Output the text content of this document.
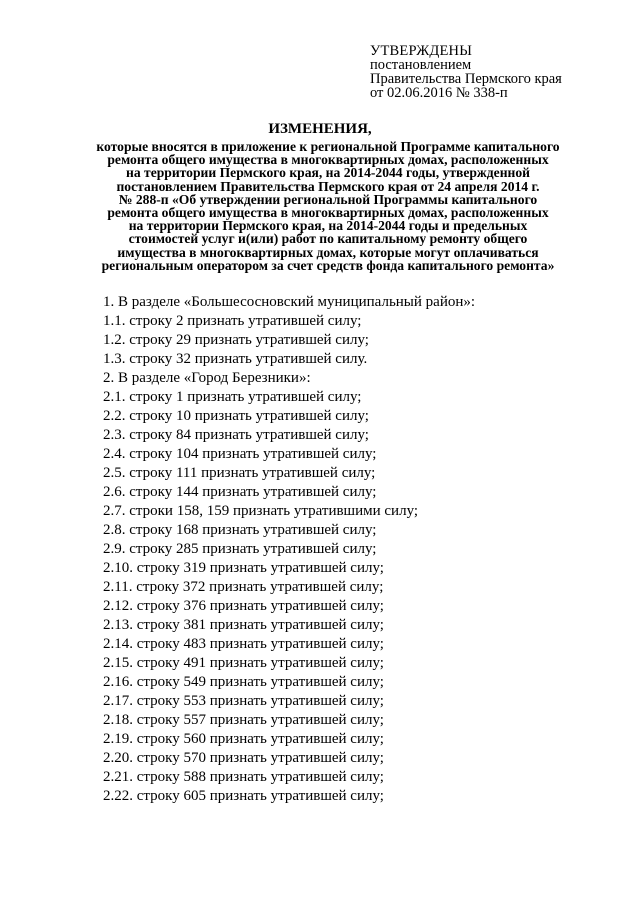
УТВЕРЖДЕНЫ
постановлением
Правительства Пермского края
от 02.06.2016 № 338-п
ИЗМЕНЕНИЯ,
которые вносятся в приложение к региональной Программе капитального
ремонта общего имущества в многоквартирных домах, расположенных
на территории Пермского края, на 2014-2044 годы, утвержденной
постановлением Правительства Пермского края от 24 апреля 2014 г.
№ 288-п «Об утверждении региональной Программы капитального
ремонта общего имущества в многоквартирных домах, расположенных
на территории Пермского края, на 2014-2044 годы и предельных
стоимостей услуг и(или) работ по капитальному ремонту общего
имущества в многоквартирных домах, которые могут оплачиваться
региональным оператором за счет средств фонда капитального ремонта»
1. В разделе «Большесосновский муниципальный район»:
1.1. строку 2 признать утратившей силу;
1.2. строку 29 признать утратившей силу;
1.3. строку 32 признать утратившей силу.
2. В разделе «Город Березники»:
2.1. строку 1 признать утратившей силу;
2.2. строку 10 признать утратившей силу;
2.3. строку 84 признать утратившей силу;
2.4. строку 104 признать утратившей силу;
2.5. строку 111 признать утратившей силу;
2.6. строку 144 признать утратившей силу;
2.7. строки 158, 159 признать утратившими силу;
2.8. строку 168 признать утратившей силу;
2.9. строку 285 признать утратившей силу;
2.10. строку 319 признать утратившей силу;
2.11. строку 372 признать утратившей силу;
2.12. строку 376 признать утратившей силу;
2.13. строку 381 признать утратившей силу;
2.14. строку 483 признать утратившей силу;
2.15. строку 491 признать утратившей силу;
2.16. строку 549 признать утратившей силу;
2.17. строку 553 признать утратившей силу;
2.18. строку 557 признать утратившей силу;
2.19. строку 560 признать утратившей силу;
2.20. строку 570 признать утратившей силу;
2.21. строку 588 признать утратившей силу;
2.22. строку 605 признать утратившей силу;
